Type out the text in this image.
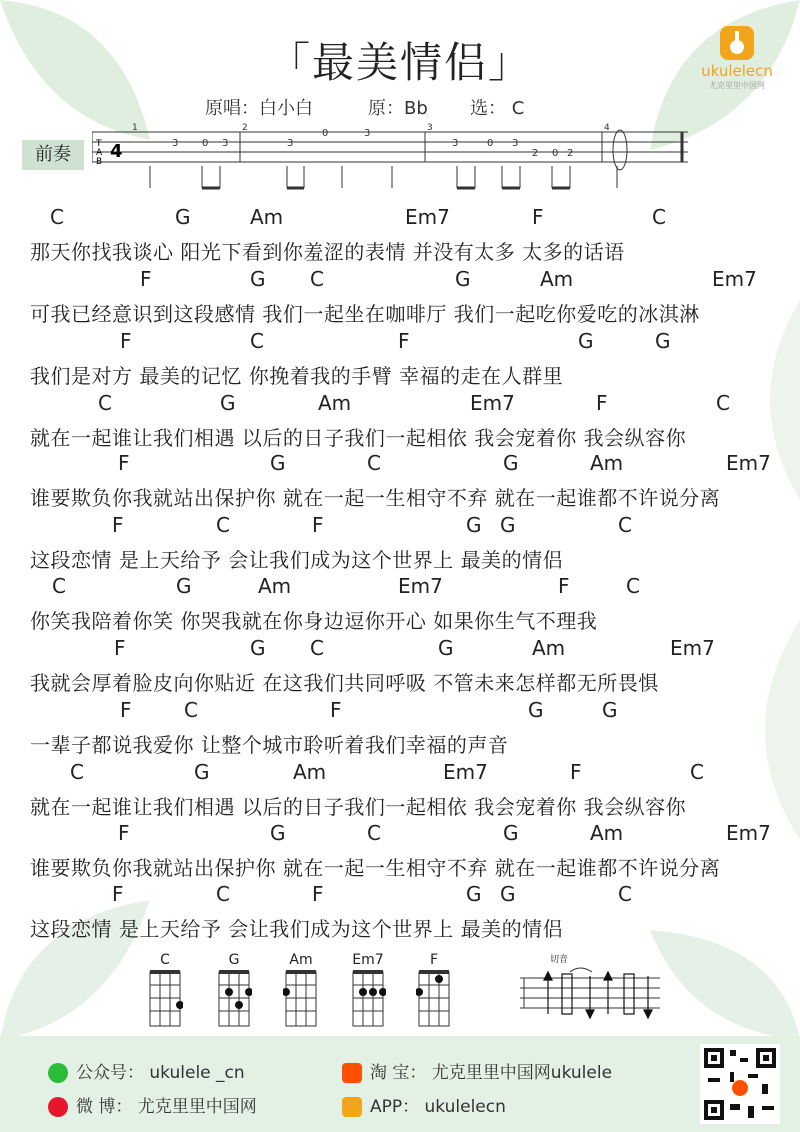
「最美情侣」
原唱：白小白	原：Bb 选： C
ukulelecn
尤克里里中国网
前奏	T
A
B 4
1	2	3	4
3 0 3	3
0	3
3	0 3
2 0 2
C	G	Am	Em7	F	C
那天你找我谈心 阳光下看到你羞涩的表情 并没有太多 太多的话语
F	G C	G	Am	Em7
可我已经意识到这段感情 我们一起坐在咖啡厅 我们一起吃你爱吃的冰淇淋
F	C	F	G	G
我们是对方 最美的记忆 你挽着我的手臂 幸福的走在人群里
C	G	Am	Em7	F	C
就在一起谁让我们相遇 以后的日子我们一起相依 我会宠着你 我会纵容你
F	G	C	G	Am	Em7
谁要欺负你我就站出保护你 就在一起一生相守不弃 就在一起谁都不许说分离
F	C	F	G G	C
这段恋情 是上天给予 会让我们成为这个世界上 最美的情侣
C	G	Am	Em7	F	C
你笑我陪着你笑 你哭我就在你身边逗你开心 如果你生气不理我
F	G C	G	Am	Em7
我就会厚着脸皮向你贴近 在这我们共同呼吸 不管未来怎样都无所畏惧
F	C	F	G	G
一辈子都说我爱你 让整个城市聆听着我们幸福的声音
C	G	Am	Em7	F	C
就在一起谁让我们相遇 以后的日子我们一起相依 我会宠着你 我会纵容你
F	G	C	G	Am	Em7
谁要欺负你我就站出保护你 就在一起一生相守不弃 就在一起谁都不许说分离
F	C	F	G G	C
这段恋情 是上天给予 会让我们成为这个世界上 最美的情侣
C	G	Am	Em7	F	切音
公众号： ukulele _cn
微 博： 尤克里里中国网
淘 宝： 尤克里里中国网ukulele
APP： ukulelecn
